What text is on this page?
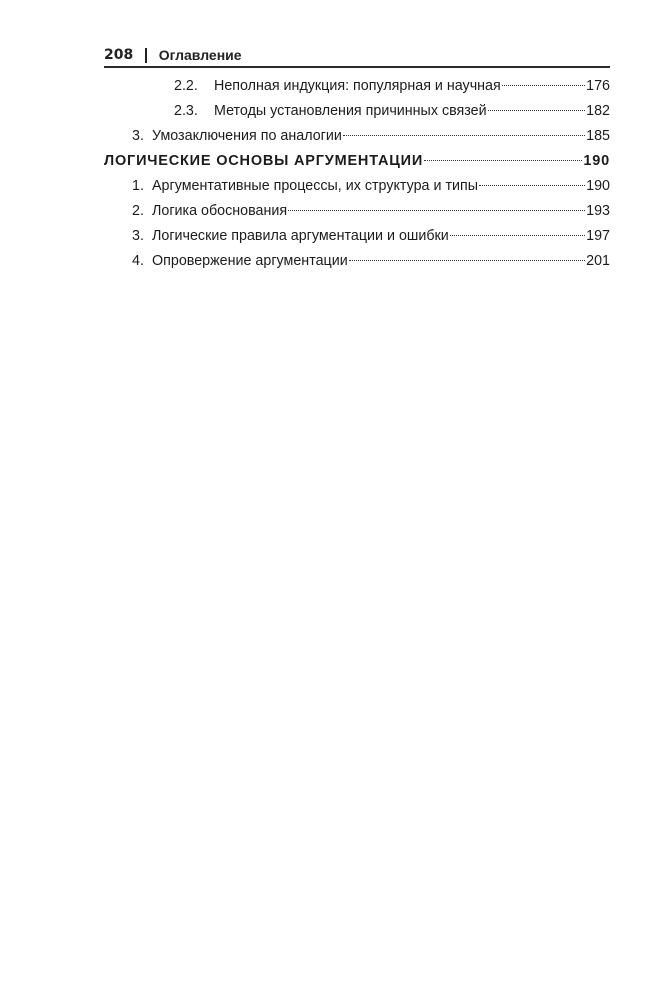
208 Оглавление
2.2.	Неполная индукция: популярная и научная	176
2.3.	Методы установления причинных связей	182
3. Умозаключения по аналогии	185
ЛОГИЧЕСКИЕ ОСНОВЫ АРГУМЕНТАЦИИ	190
1. Аргументативные процессы, их структура и типы	190
2. Логика обоснования	193
3. Логические правила аргументации и ошибки	197
4. Опровержение аргументации	201
